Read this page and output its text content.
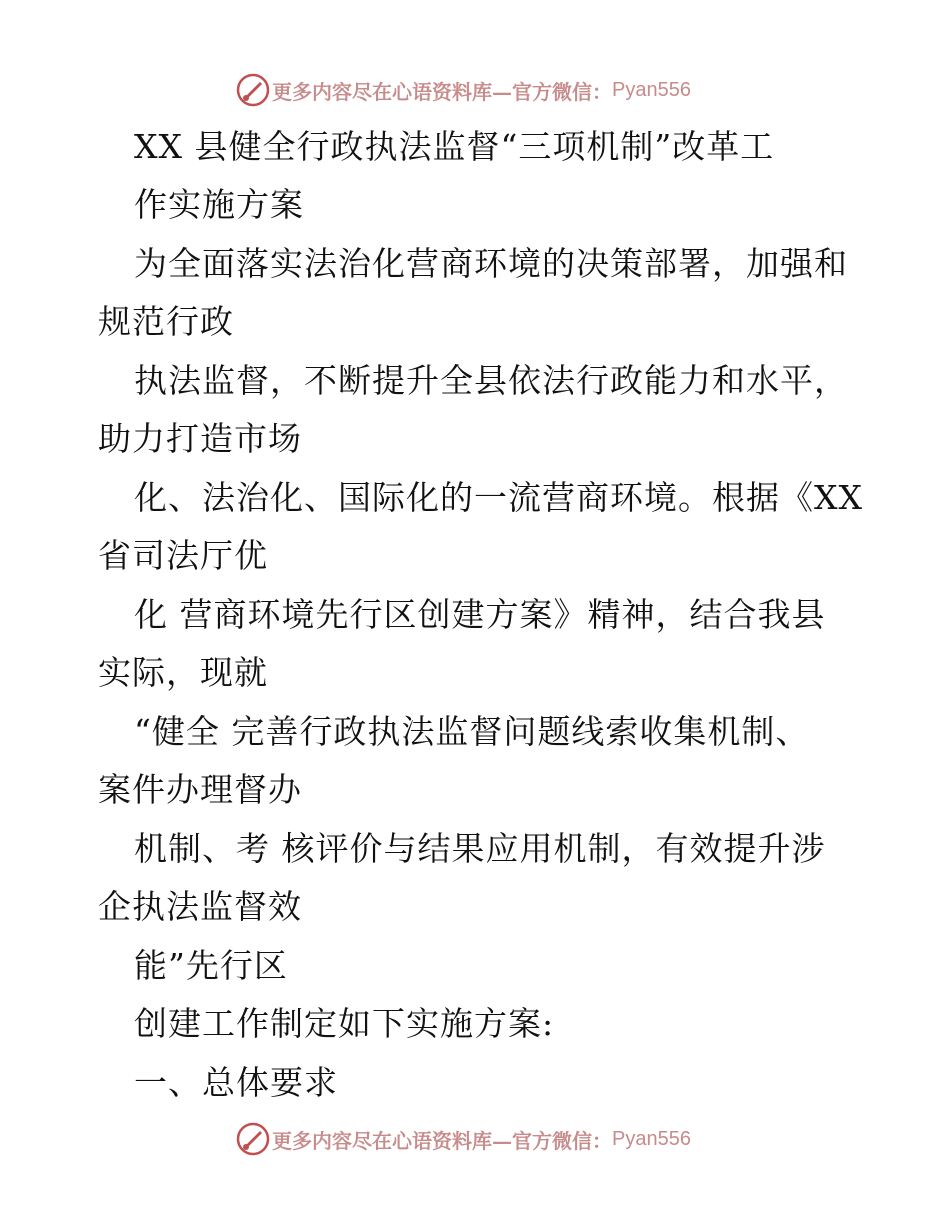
更多内容尽在心语资料库—官方微信： Pyan556
XX 县健全行政执法监督“三项机制”改革工
作实施方案
为全面落实法治化营商环境的决策部署，加强和
规范行政
执法监督，不断提升全县依法行政能力和水平，
助力打造市场
化、法治化、国际化的一流营商环境。根据《XX
省司法厅优
化 营商环境先行区创建方案》精神，结合我县
实际，现就
“健全 完善行政执法监督问题线索收集机制、
案件办理督办
机制、考 核评价与结果应用机制，有效提升涉
企执法监督效
能”先行区
创建工作制定如下实施方案:
一、总体要求
更多内容尽在心语资料库—官方微信： Pyan556
